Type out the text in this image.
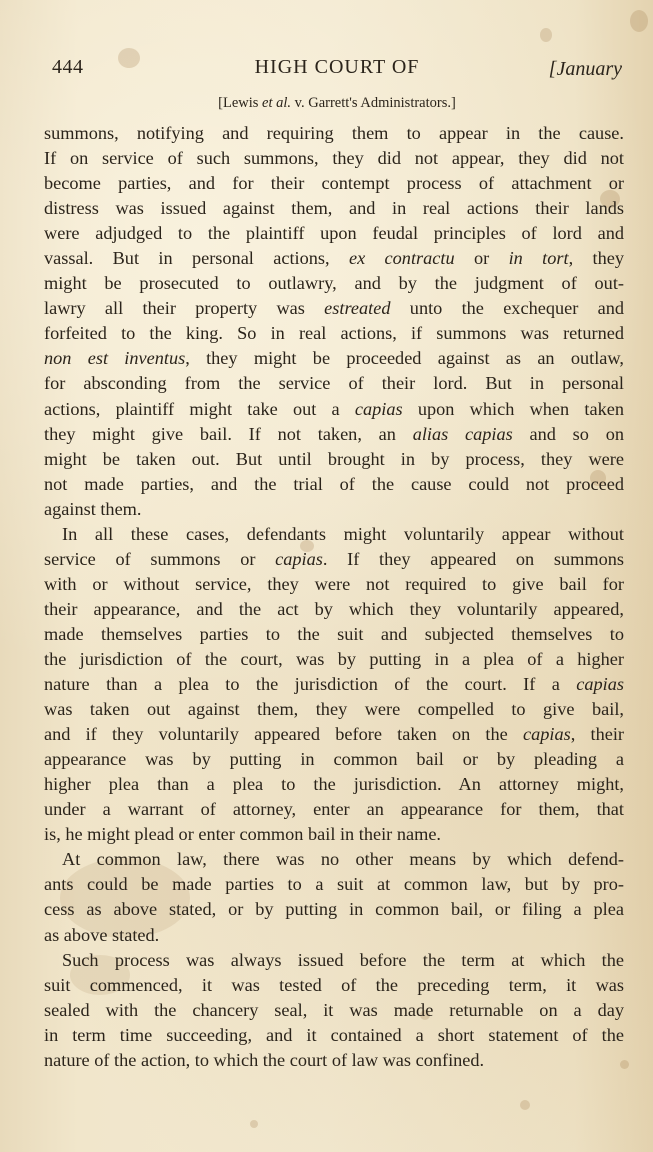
444	HIGH COURT OF	[January
[Lewis et al. v. Garrett's Administrators.]
summons, notifying and requiring them to appear in the cause.
If on service of such summons, they did not appear, they did not
become parties, and for their contempt process of attachment or
distress was issued against them, and in real actions their lands
were adjudged to the plaintiff upon feudal principles of lord and
vassal. But in personal actions, ex contractu or in tort, they
might be prosecuted to outlawry, and by the judgment of out-
lawry all their property was estreated unto the exchequer and
forfeited to the king. So in real actions, if summons was returned
non est inventus, they might be proceeded against as an outlaw,
for absconding from the service of their lord. But in personal
actions, plaintiff might take out a capias upon which when taken
they might give bail. If not taken, an alias capias and so on
might be taken out. But until brought in by process, they were
not made parties, and the trial of the cause could not proceed
against them.
In all these cases, defendants might voluntarily appear without
service of summons or capias. If they appeared on summons
with or without service, they were not required to give bail for
their appearance, and the act by which they voluntarily appeared,
made themselves parties to the suit and subjected themselves to
the jurisdiction of the court, was by putting in a plea of a higher
nature than a plea to the jurisdiction of the court. If a capias
was taken out against them, they were compelled to give bail,
and if they voluntarily appeared before taken on the capias, their
appearance was by putting in common bail or by pleading a
higher plea than a plea to the jurisdiction. An attorney might,
under a warrant of attorney, enter an appearance for them, that
is, he might plead or enter common bail in their name.
At common law, there was no other means by which defend-
ants could be made parties to a suit at common law, but by pro-
cess as above stated, or by putting in common bail, or filing a plea
as above stated.
Such process was always issued before the term at which the
suit commenced, it was tested of the preceding term, it was
sealed with the chancery seal, it was made returnable on a day
in term time succeeding, and it contained a short statement of the
nature of the action, to which the court of law was confined.
